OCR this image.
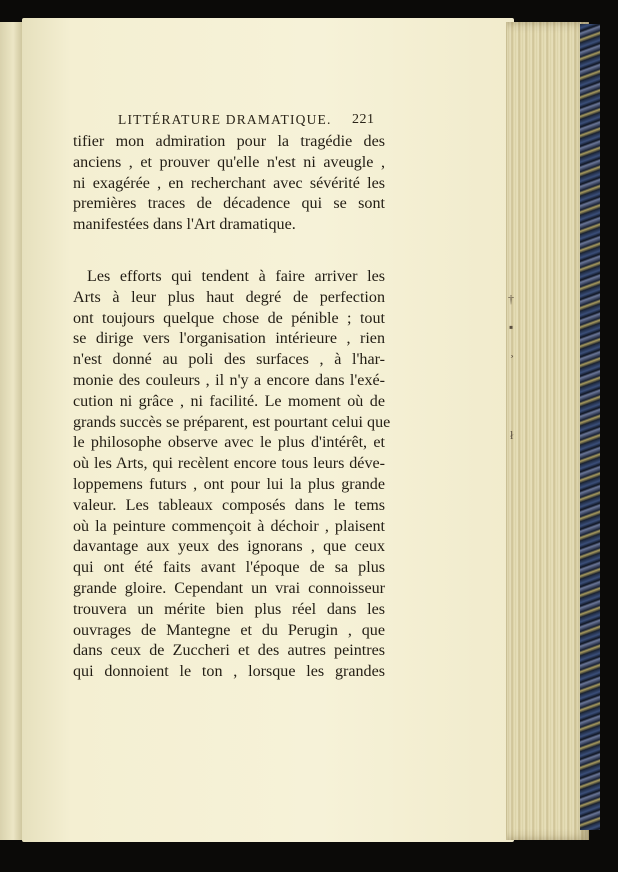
LITTÉRATURE DRAMATIQUE. 221
tifier mon admiration pour la tragédie des
anciens , et prouver qu'elle n'est ni aveugle ,
ni exagérée , en recherchant avec sévérité les
premières traces de décadence qui se sont
manifestées dans l'Art dramatique.
Les efforts qui tendent à faire arriver les
Arts à leur plus haut degré de perfection
ont toujours quelque chose de pénible ; tout
se dirige vers l'organisation intérieure , rien
n'est donné au poli des surfaces , à l'har-
monie des couleurs , il n'y a encore dans l'exé-
cution ni grâce , ni facilité. Le moment où de
grands succès se préparent, est pourtant celui que
le philosophe observe avec le plus d'intérêt, et
où les Arts, qui recèlent encore tous leurs déve-
loppemens futurs , ont pour lui la plus grande
valeur. Les tableaux composés dans le tems
où la peinture commençoit à déchoir , plaisent
davantage aux yeux des ignorans , que ceux
qui ont été faits avant l'époque de sa plus
grande gloire. Cependant un vrai connoisseur
trouvera un mérite bien plus réel dans les
ouvrages de Mantegne et du Perugin , que
dans ceux de Zuccheri et des autres peintres
qui donnoient le ton , lorsque les grandes
†
▪
¸
ł
